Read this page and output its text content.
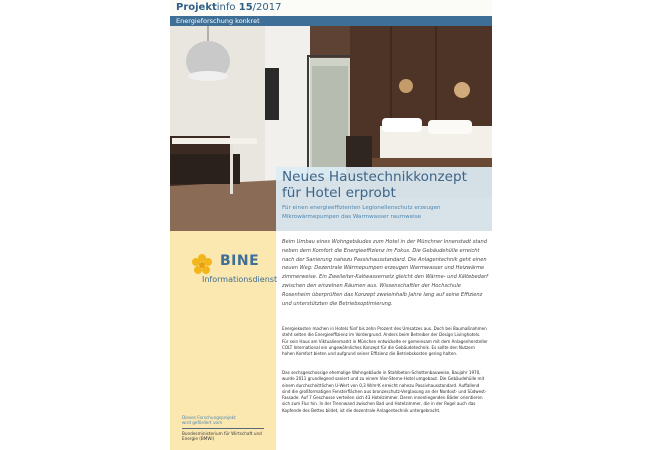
Projektinfo 15/2017
Energieforschung konkret
Neues Haustechnikkonzept
für Hotel erprobt
Für einen energieeffizienten Legionellenschutz erzeugen Mikrowärmepumpen das Warmwasser raumweise
BINE
Informationsdienst
Dieses Forschungsprojekt
wird gefördert vom
Bundesministerium für Wirtschaft und Energie (BMWi)

Beim Umbau eines Wohngebäudes zum Hotel in der Münchner Innenstadt stand neben dem Komfort die Energieeffizienz im Fokus. Die Gebäudehülle erreicht nach der Sanierung nahezu Passivhausstandard. Die Anlagentechnik geht einen neuen Weg: Dezentrale Wärmepumpen erzeugen Warmwasser und Heizwärme zimmerweise. Ein Zweileiter-Kaltwassernetz gleicht den Wärme- und Kältebedarf zwischen den einzelnen Räumen aus. Wissenschaftler der Hochschule Rosenheim überprüften das Konzept zweieinhalb Jahre lang auf seine Effizienz und unterstützten die Betriebsoptimierung.

Energiekosten machen in Hotels fünf bis zehn Prozent des Umsatzes aus. Doch bei Baumaßnahmen steht selten die Energieeffizienz im Vordergrund. Anders beim Betreiber der Design Livinghotels. Für sein Haus am Viktualienmarkt in München entwickelte er gemeinsam mit dem Anlagenhersteller COLT International ein ungewöhnliches Konzept für die Gebäudetechnik. Es sollte den Nutzern hohen Komfort bieten und aufgrund seiner Effizienz die Betriebskosten gering halten.

Das sechsgeschossige ehemalige Wohngebäude in Stahlbeton-Schottenbauweise, Baujahr 1970, wurde 2011 grundlegend saniert und zu einem Vier-Sterne-Hotel umgebaut. Die Gebäudehülle mit einem durchschnittlichen U-Wert von 0,3 W/m²K erreicht nahezu Passivhausstandard. Auffallend sind die großformatigen Fensterflächen aus bronzeschutz-Verglasung an der Nordost- und Südwest-Fassade. Auf 7 Geschosse verteilen sich 43 Hotelzimmer. Deren innenliegenden Bäder orientieren sich zum Flur hin. In der Trennwand zwischen Bad und Hotelzimmer, die in der Regel auch das Kopfende des Bettes bildet, ist die dezentrale Anlagentechnik untergebracht.
